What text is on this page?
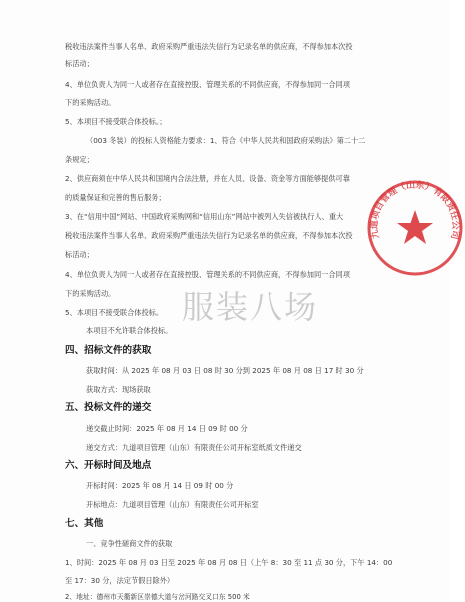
税收违法案件当事人名单、政府采购严重违法失信行为记录名单的供应商，不得参加本次投
标活动；
4、单位负责人为同一人或者存在直接控股、管理关系的不同供应商，不得参加同一合同项
下的采购活动。
5、本项目不接受联合体投标。；
（003 冬装）的投标人资格能力要求：1、符合《中华人民共和国政府采购法》第二十二
条规定；
2、供应商须在中华人民共和国境内合法注册，并在人员、设备、资金等方面能够提供可靠
的质量保证和完善的售后服务；
3、在“信用中国”网站、中国政府采购网和“信用山东”网站中被列入失信被执行人、重大
税收违法案件当事人名单、政府采购严重违法失信行为记录名单的供应商，不得参加本次投
标活动；
4、单位负责人为同一人或者存在直接控股、管理关系的不同供应商，不得参加同一合同项
下的采购活动。
5、本项目不接受联合体投标。
本项目不允许联合体投标。
四、招标文件的获取
获取时间：从 2025 年 08 月 03 日 08 时 30 分到 2025 年 08 月 08 日 17 时 30 分
获取方式：现场获取
五、投标文件的递交
递交截止时间：2025 年 08 月 14 日 09 时 00 分
递交方式：九道项目管理（山东）有限责任公司开标室纸质文件递交
六、开标时间及地点
开标时间：2025 年 08 月 14 日 09 时 00 分
开标地点：九道项目管理（山东）有限责任公司开标室
七、其他
一、竞争性磋商文件的获取
1、时间：2025 年 08 月 03 日至 2025 年 08 月 08 日（上午 8：30 至 11 点 30 分，下午 14：00
至 17：30 分，法定节假日除外）
2、地址：德州市天衢新区崇德大道与岔河路交叉口东 500 米
服装八场
九道项目管理（山东）有限责任公司
